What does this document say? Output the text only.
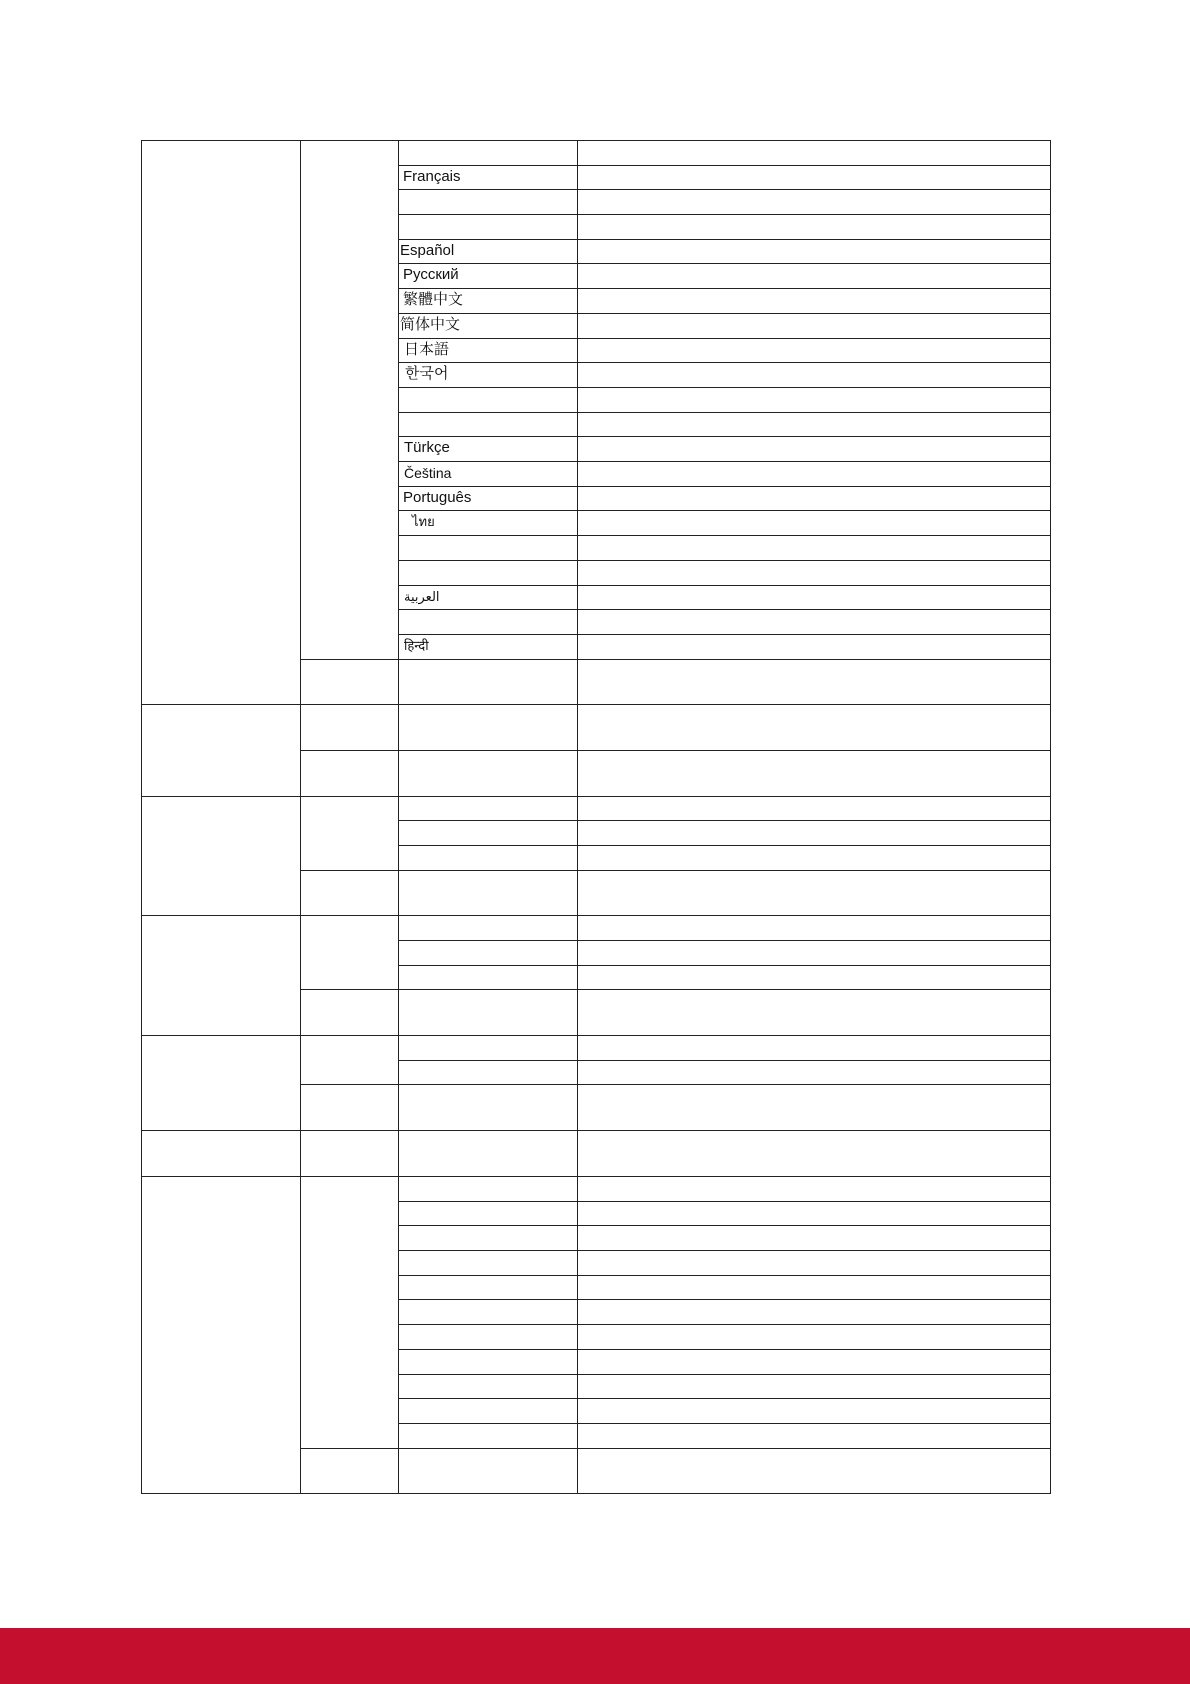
Français
Español
Русский
繁體中文
简体中文
日本語
한국어
Türkçe
Čeština
Português
ไทย
العربية
हिन्दी
